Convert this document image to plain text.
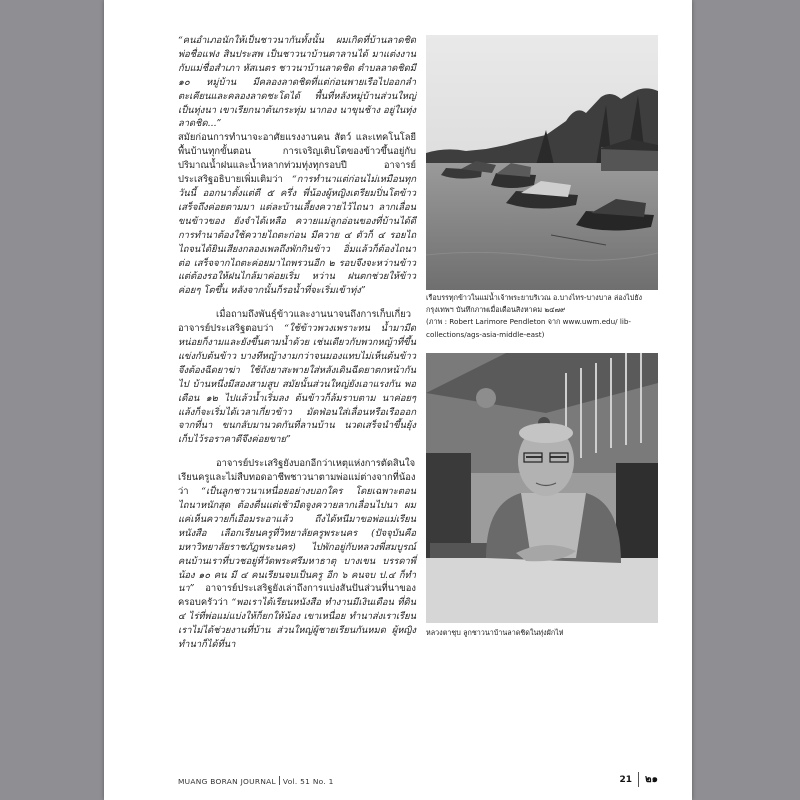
“คนอำเภอนักให้เป็นชาวนากันทั้งนั้น ผมเกิดที่บ้านลาดชิด พ่อชื่อแฟง สินประสพ เป็นชาวนาบ้านตาลานได้ มาแต่งงานกับแม่ชื่อสำเภา หัสเนตร ชาวนาบ้านลาดชิด ตำบลลาดชิดมี ๑๐ หมู่บ้าน มีคลองลาดชิดที่แต่ก่อนพายเรือไปออกลำตะเคียนและคลองลาดชะโดได้ พื้นที่หลังหมู่บ้านส่วนใหญ่เป็นทุ่งนา เขาเรียกนาต้นกระทุ่ม นากอง นาขุนช้าง อยู่ในทุ่งลาดชิด...”

สมัยก่อนการทำนาจะอาศัยแรงงานคน สัตว์ และเทคโนโลยีพื้นบ้านทุกขั้นตอน การเจริญเติบโตของข้าวขึ้นอยู่กับปริมาณน้ำฝนและน้ำหลากท่วมทุ่งทุกรอบปี อาจารย์ประเสริฐอธิบายเพิ่มเติมว่า “การทำนาแต่ก่อนไม่เหมือนทุกวันนี้ ออกนาตั้งแต่ตี ๕ ครึ่ง พี่น้องผู้หญิงเตรียมปิ่นโตข้าวเสร็จถึงค่อยตามมา แต่ละบ้านเลี้ยงควายไว้ไถนา ลากเลื่อนขนข้าวของ ยังจำได้เหลือ ควายแม่ลูกอ่อนของที่บ้านได้ดี การทำนาต้องใช้ควายไถตะก่อน มีควาย ๔ ตัวก็ ๔ รอยไถ ไถจนได้ยินเสียงกลองเพลถึงพักกินข้าว อิ่มแล้วก็ต้องไถนาต่อ เสร็จจากไถตะค่อยมาไถพรวนอีก ๒ รอบจึงจะหว่านข้าว แต่ต้องรอให้ฝนไกล้มาค่อยเริ่ม หว่าน ฝนตกช่วยให้ข้าวค่อยๆ โตขึ้น หลังจากนั้นก็รอน้ำที่จะเริ่มเข้าทุ่ง”

เมื่อถามถึงพันธุ์ข้าวและงานนาจนถึงการเก็บเกี่ยว อาจารย์ประเสริฐตอบว่า “ใช้ข้าวพวงเพราะทน น้ำมามีดหน่อยก็งามและยังขึ้นตามน้ำด้วย เช่นเดียวกับพวกหญ้าที่ขึ้นแข่งกับต้นข้าว บางทีหญ้างามกว่าจนมองแทบไม่เห็นต้นข้าว จึงต้องฉีดยาฆ่า ใช้ถังยาสะพายใส่หลังเดินฉีดยาตกหน้ากันไป บ้านหนึ่งมีสองสามสูบ สมัยนั้นส่วนใหญ่ยังเอาแรงกัน พอเดือน ๑๒ ไปแล้วน้ำเริ่มลง ต้นข้าวก็ล้มราบตาม นาค่อยๆ แล้งก็จะเริ่มได้เวลาเกี่ยวข้าว มัดฟ่อนใส่เลื่อนหรือเรือออกจากที่นา ขนกลับมานวดกันที่ลานบ้าน นวดเสร็จนำขึ้นยุ้งเก็บไว้รอราคาดีจึงค่อยขาย”

อาจารย์ประเสริฐยังบอกอีกว่าเหตุแห่งการตัดสินใจเรียนครูและไม่สืบทอดอาชีพชาวนาตามพ่อแม่ต่างจากที่น้อง ว่า “เป็นลูกชาวนาเหนื่อยอย่างบอกใคร โดยเฉพาะตอนไถนาหนักสุด ต้องตื่นแต่เช้ามืดจูงควายลากเลื่อนไปนา ผมแค่เห็นควายก็เอือมระอาแล้ว ถึงได้หนีมาขอพ่อแม่เรียนหนังสือ เลือกเรียนครูที่วิทยาลัยครูพระนคร (ปัจจุบันคือมหาวิทยาลัยราชภัฏพระนคร) ไปพักอยู่กับหลวงพี่สมบูรณ์ คนบ้านเราที่บวชอยู่ที่วัดพระศรีมหาธาตุ บางเขน บรรดาพี่น้อง ๑๐ คน มี ๔ คนเรียนจบเป็นครู อีก ๖ คนจบ ป.๔ ก็ทำนา” อาจารย์ประเสริฐยังเล่าถึงการแบ่งสันปันส่วนที่นาของครอบครัวว่า “พอเราได้เรียนหนังสือ ทำงานมีเงินเดือน ที่ดิน ๔ ไร่ที่พ่อแม่แบ่งให้ก็ยกให้น้อง เขาเหนื่อย ทำนาส่งเราเรียน เราไม่ได้ช่วยงานที่บ้าน ส่วนใหญ่ผู้ชายเรียนกันหมด ผู้หญิงทำนาก็ได้ที่นา

เรือบรรทุกข้าวในแม่น้ำเจ้าพระยาบริเวณ อ.บางไทร-บางบาล ล่องไปยังกรุงเทพฯ บันทึกภาพเมื่อเดือนสิงหาคม ๒๔๗๙
(ภาพ : Robert Larimore Pendleton จาก www.uwm.edu/ lib-collections/ags-asia-middle-east)
หลวงตาชุบ ลูกชาวนาบ้านลาดชิดในทุ่งผักไห่
MUANG BORAN JOURNAL Vol. 51 No. 1	21	๒๑
